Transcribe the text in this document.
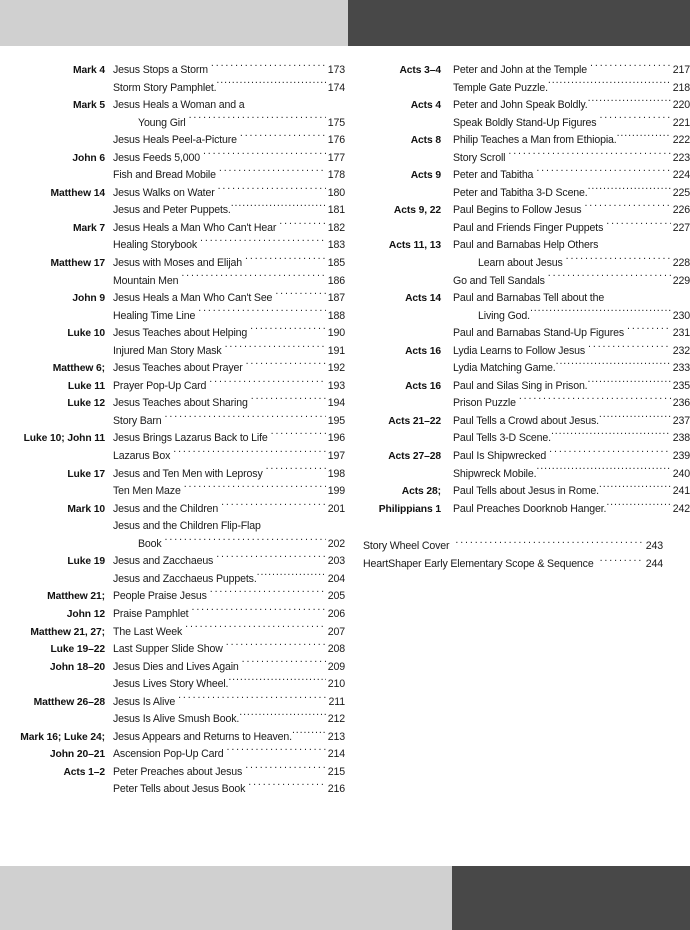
Mark 4 Jesus Stops a Storm .....	173
Storm Story Pamphlet. .....	174
Mark 5 Jesus Heals a Woman and a
Young Girl .....	175
Jesus Heals Peel-a-Picture .....	176
John 6 Jesus Feeds 5,000 .....	177
Fish and Bread Mobile .....	178
Matthew 14 Jesus Walks on Water .....	180
Jesus and Peter Puppets. .....	181
Mark 7 Jesus Heals a Man Who Can't Hear .....	182
Healing Storybook .....	183
Matthew 17 Jesus with Moses and Elijah .....	185
Mountain Men .....	186
John 9 Jesus Heals a Man Who Can't See .....	187
Healing Time Line .....	188
Luke 10 Jesus Teaches about Helping .....	190
Injured Man Story Mask .....	191
Matthew 6; Jesus Teaches about Prayer .....	192
Luke 11 Prayer Pop-Up Card .....	193
Luke 12 Jesus Teaches about Sharing .....	194
Story Barn .....	195
Luke 10; John 11 Jesus Brings Lazarus Back to Life .....	196
Lazarus Box .....	197
Luke 17 Jesus and Ten Men with Leprosy .....	198
Ten Men Maze .....	199
Mark 10 Jesus and the Children .....	201
Jesus and the Children Flip-Flap
Book .....	202
Luke 19 Jesus and Zacchaeus .....	203
Jesus and Zacchaeus Puppets. .....	204
Matthew 21; People Praise Jesus .....	205
John 12 Praise Pamphlet .....	206
Matthew 21, 27; The Last Week .....	207
Luke 19–22 Last Supper Slide Show .....	208
John 18–20 Jesus Dies and Lives Again .....	209
Jesus Lives Story Wheel. .....	210
Matthew 26–28 Jesus Is Alive .....	211
Jesus Is Alive Smush Book. .....	212
Mark 16; Luke 24; Jesus Appears and Returns to Heaven. .....	213
John 20–21 Ascension Pop-Up Card .....	214
Acts 1–2 Peter Preaches about Jesus .....	215
Peter Tells about Jesus Book .....	216
Acts 3–4 Peter and John at the Temple .....	217
Temple Gate Puzzle. .....	218
Acts 4 Peter and John Speak Boldly. .....	220
Speak Boldly Stand-Up Figures .....	221
Acts 8 Philip Teaches a Man from Ethiopia. .....	222
Story Scroll .....	223
Acts 9 Peter and Tabitha .....	224
Peter and Tabitha 3-D Scene. .....	225
Acts 9, 22 Paul Begins to Follow Jesus .....	226
Paul and Friends Finger Puppets .....	227
Acts 11, 13 Paul and Barnabas Help Others
Learn about Jesus .....	228
Go and Tell Sandals .....	229
Acts 14 Paul and Barnabas Tell about the
Living God. .....	230
Paul and Barnabas Stand-Up Figures .....	231
Acts 16 Lydia Learns to Follow Jesus .....	232
Lydia Matching Game. .....	233
Acts 16 Paul and Silas Sing in Prison. .....	235
Prison Puzzle .....	236
Acts 21–22 Paul Tells a Crowd about Jesus. .....	237
Paul Tells 3-D Scene. .....	238
Acts 27–28 Paul Is Shipwrecked .....	239
Shipwreck Mobile. .....	240
Acts 28; Paul Tells about Jesus in Rome. .....	241
Philippians 1 Paul Preaches Doorknob Hanger. .....	242
Story Wheel Cover .....	243
HeartShaper Early Elementary Scope & Sequence .....	244
